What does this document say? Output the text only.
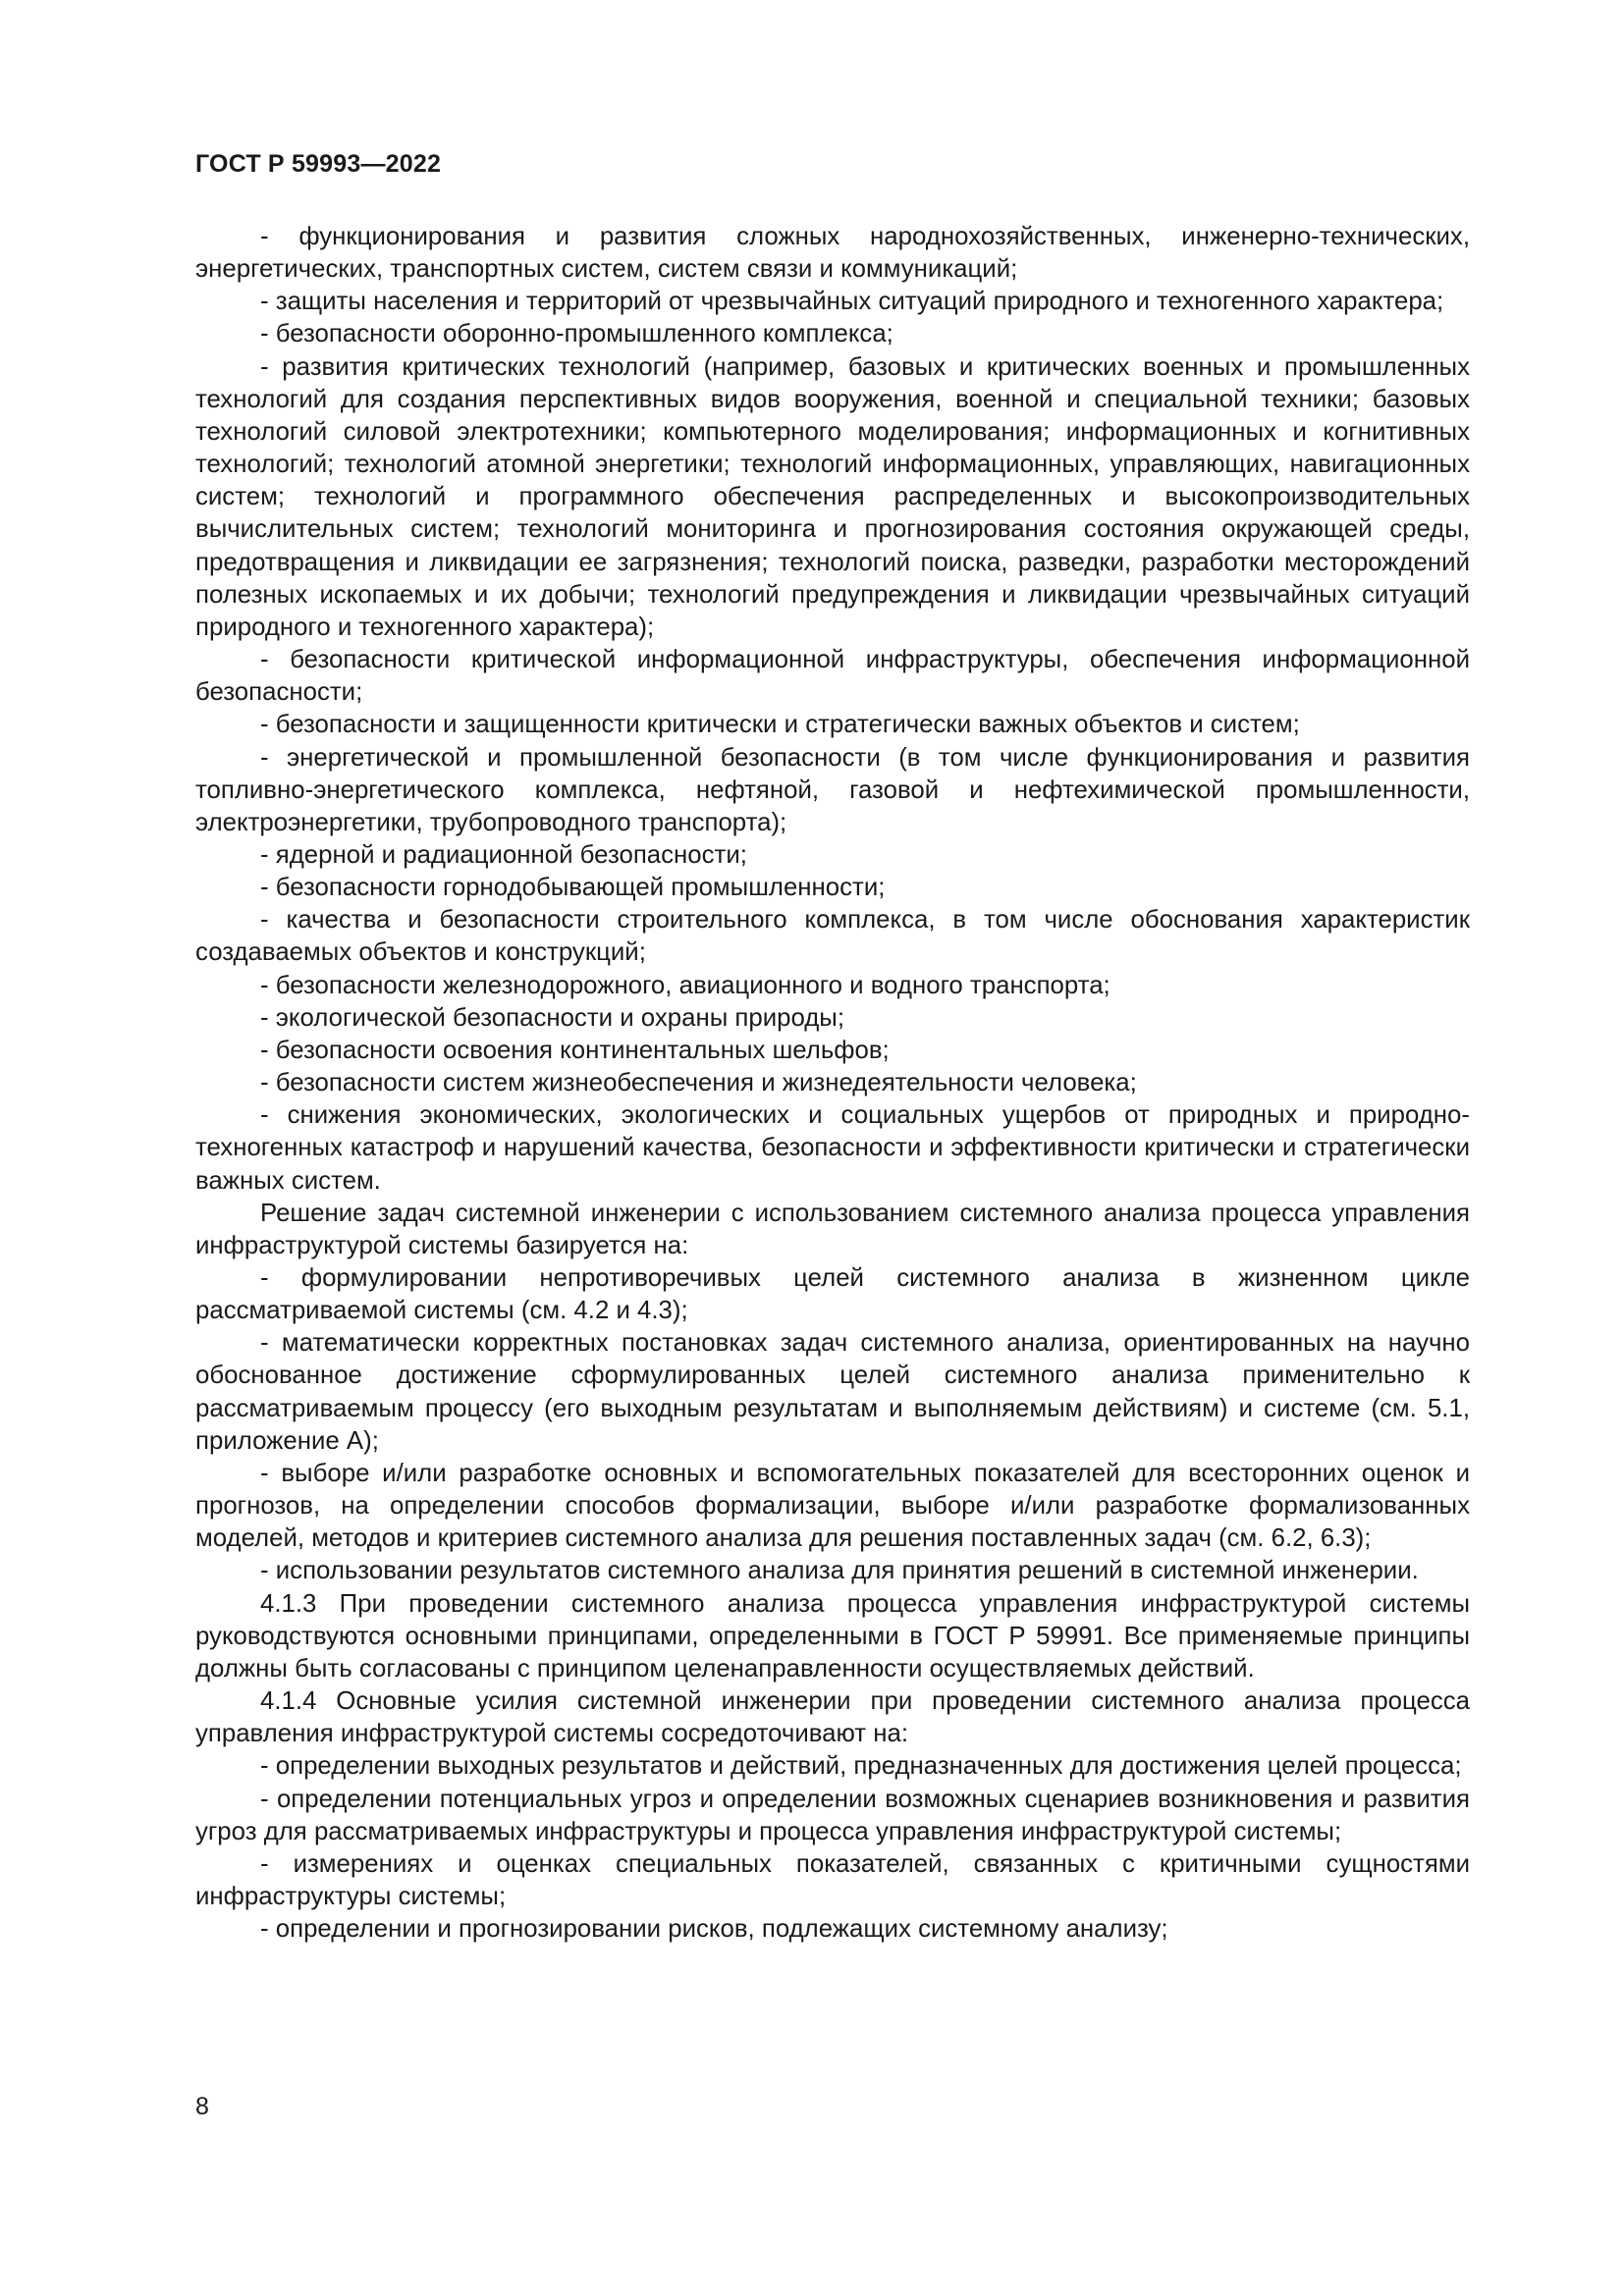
ГОСТ Р 59993—2022

- функционирования и развития сложных народнохозяйственных, инженерно-технических, энергетических, транспортных систем, систем связи и коммуникаций;

- защиты населения и территорий от чрезвычайных ситуаций природного и техногенного характера;

- безопасности оборонно-промышленного комплекса;

- развития критических технологий (например, базовых и критических военных и промышленных технологий для создания перспективных видов вооружения, военной и специальной техники; базовых технологий силовой электротехники; компьютерного моделирования; информационных и когнитивных технологий; технологий атомной энергетики; технологий информационных, управляющих, навигационных систем; технологий и программного обеспечения распределенных и высокопроизводительных вычислительных систем; технологий мониторинга и прогнозирования состояния окружающей среды, предотвращения и ликвидации ее загрязнения; технологий поиска, разведки, разработки месторождений полезных ископаемых и их добычи; технологий предупреждения и ликвидации чрезвычайных ситуаций природного и техногенного характера);

- безопасности критической информационной инфраструктуры, обеспечения информационной безопасности;

- безопасности и защищенности критически и стратегически важных объектов и систем;

- энергетической и промышленной безопасности (в том числе функционирования и развития топливно-энергетического комплекса, нефтяной, газовой и нефтехимической промышленности, электроэнергетики, трубопроводного транспорта);

- ядерной и радиационной безопасности;

- безопасности горнодобывающей промышленности;

- качества и безопасности строительного комплекса, в том числе обоснования характеристик создаваемых объектов и конструкций;

- безопасности железнодорожного, авиационного и водного транспорта;

- экологической безопасности и охраны природы;

- безопасности освоения континентальных шельфов;

- безопасности систем жизнеобеспечения и жизнедеятельности человека;

- снижения экономических, экологических и социальных ущербов от природных и природно-техногенных катастроф и нарушений качества, безопасности и эффективности критически и стратегически важных систем.

Решение задач системной инженерии с использованием системного анализа процесса управления инфраструктурой системы базируется на:

- формулировании непротиворечивых целей системного анализа в жизненном цикле рассматриваемой системы (см. 4.2 и 4.3);

- математически корректных постановках задач системного анализа, ориентированных на научно обоснованное достижение сформулированных целей системного анализа применительно к рассматриваемым процессу (его выходным результатам и выполняемым действиям) и системе (см. 5.1, приложение А);

- выборе и/или разработке основных и вспомогательных показателей для всесторонних оценок и прогнозов, на определении способов формализации, выборе и/или разработке формализованных моделей, методов и критериев системного анализа для решения поставленных задач (см. 6.2, 6.3);

- использовании результатов системного анализа для принятия решений в системной инженерии.

4.1.3 При проведении системного анализа процесса управления инфраструктурой системы руководствуются основными принципами, определенными в ГОСТ Р 59991. Все применяемые принципы должны быть согласованы с принципом целенаправленности осуществляемых действий.

4.1.4 Основные усилия системной инженерии при проведении системного анализа процесса управления инфраструктурой системы сосредоточивают на:

- определении выходных результатов и действий, предназначенных для достижения целей процесса;

- определении потенциальных угроз и определении возможных сценариев возникновения и развития угроз для рассматриваемых инфраструктуры и процесса управления инфраструктурой системы;

- измерениях и оценках специальных показателей, связанных с критичными сущностями инфраструктуры системы;

- определении и прогнозировании рисков, подлежащих системному анализу;

8
